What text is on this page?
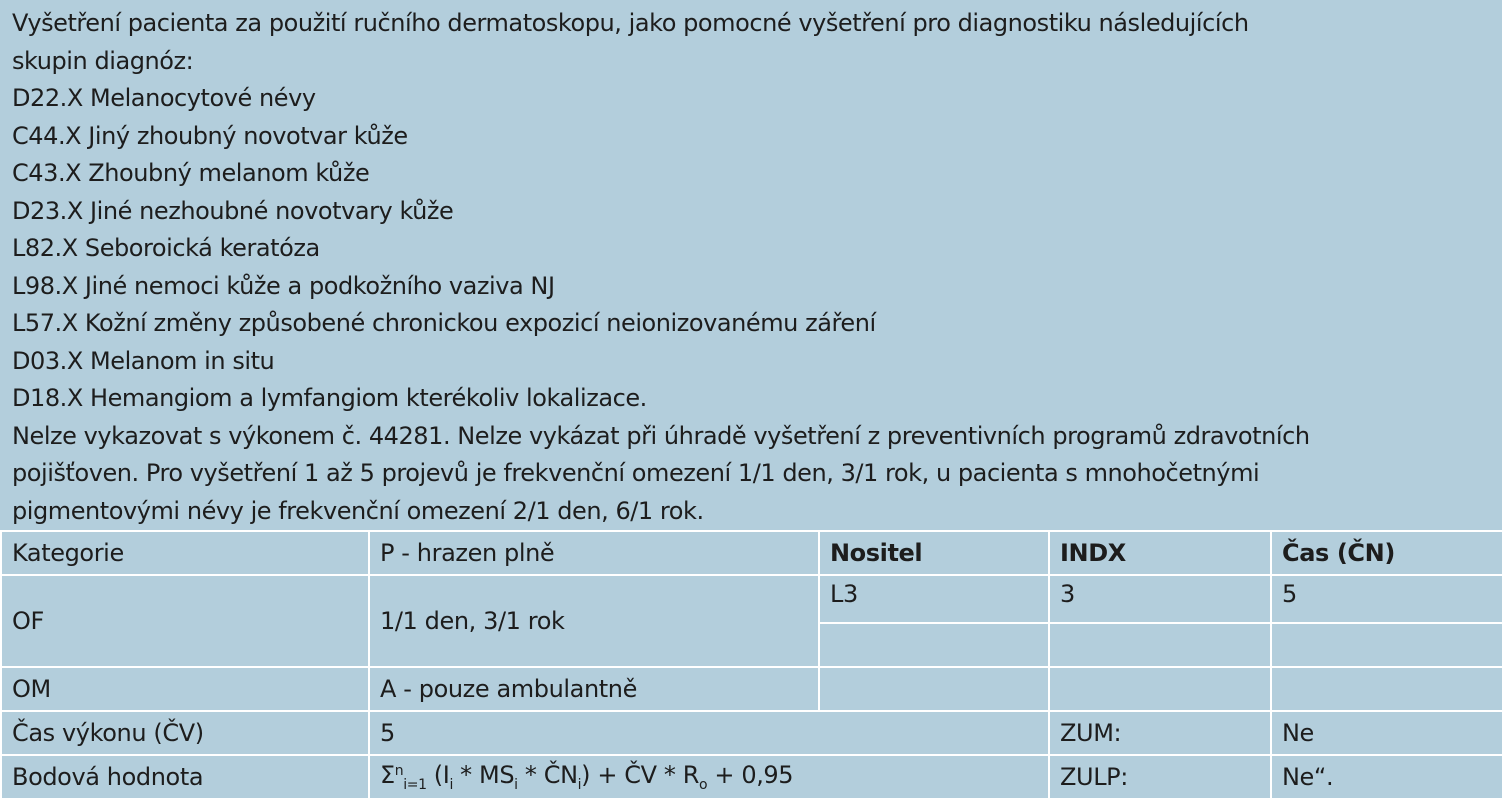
Vyšetření pacienta za použití ručního dermatoskopu, jako pomocné vyšetření pro diagnostiku následujících
skupin diagnóz:
D22.X Melanocytové névy
C44.X Jiný zhoubný novotvar kůže
C43.X Zhoubný melanom kůže
D23.X Jiné nezhoubné novotvary kůže
L82.X Seboroická keratóza
L98.X Jiné nemoci kůže a podkožního vaziva NJ
L57.X Kožní změny způsobené chronickou expozicí neionizovanému záření
D03.X Melanom in situ
D18.X Hemangiom a lymfangiom kterékoliv lokalizace.
Nelze vykazovat s výkonem č. 44281. Nelze vykázat při úhradě vyšetření z preventivních programů zdravotních
pojišťoven. Pro vyšetření 1 až 5 projevů je frekvenční omezení 1/1 den, 3/1 rok, u pacienta s mnohočetnými
pigmentovými névy je frekvenční omezení 2/1 den, 6/1 rok.
Kategorie	P - hrazen plně	Nositel	INDX	Čas (ČN)
OF	1/1 den, 3/1 rok	L3	3	5

OM	A - pouze ambulantně			
Čas výkonu (ČV)	5		ZUM:	Ne
Bodová hodnota	$\Sigma^n_{i=1}$ ($I_i * MS_i$ * $ČN_i$) + ČV * $R_o + 0,95$		ZULP:	Ne“.
